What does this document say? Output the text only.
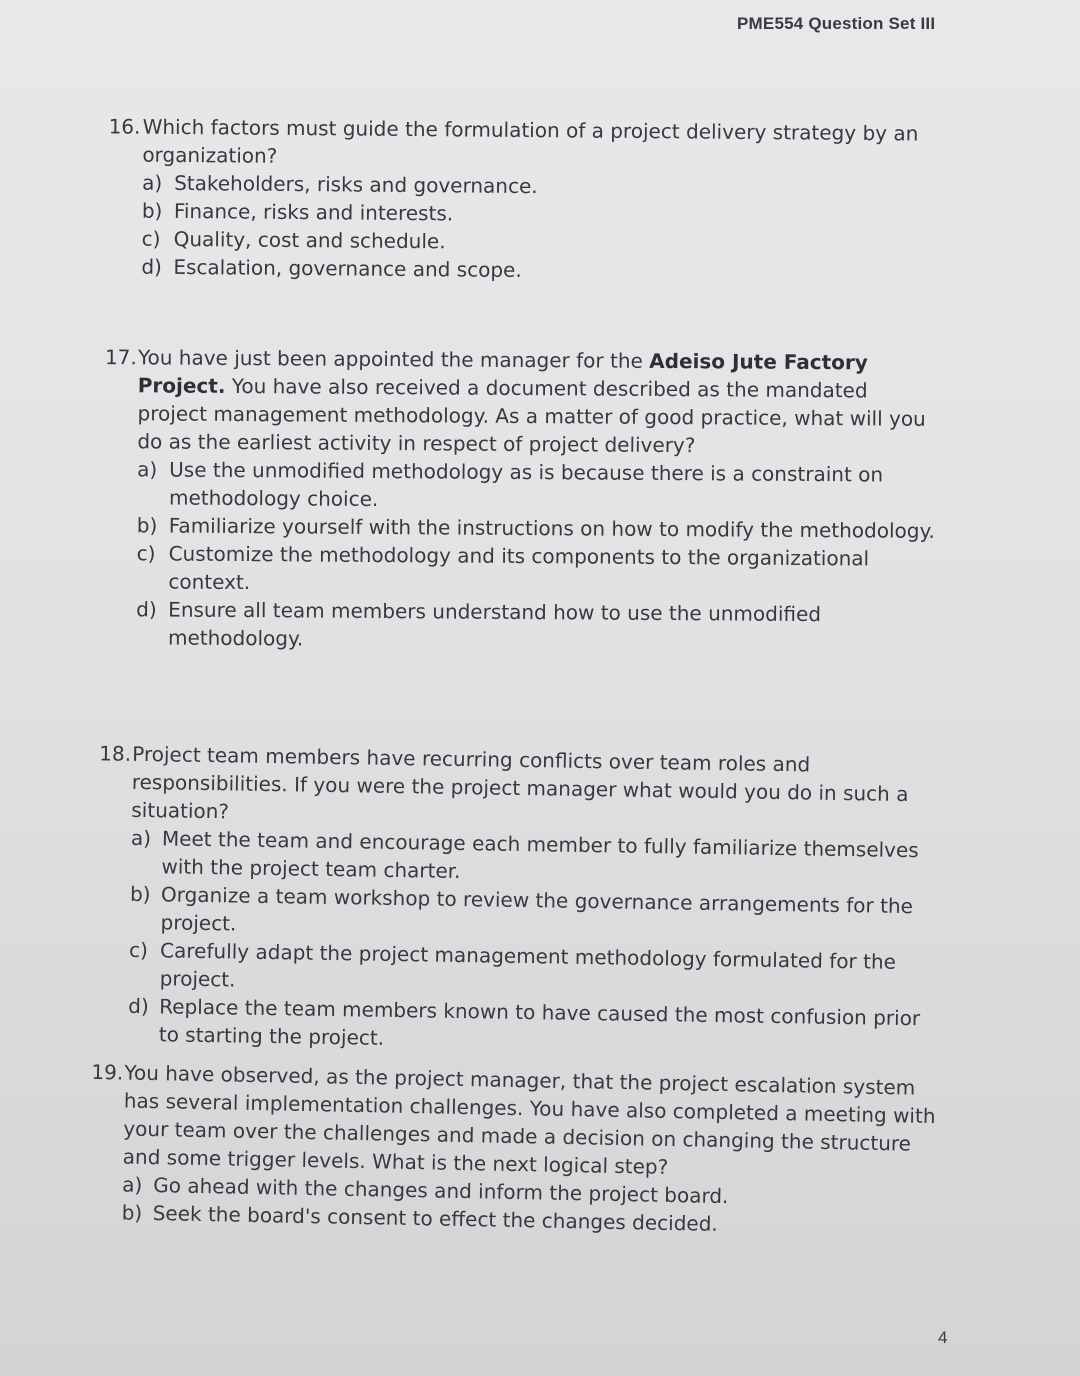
PME554 Question Set III
16. Which factors must guide the formulation of a project delivery strategy by an organization?
a) Stakeholders, risks and governance.
b) Finance, risks and interests.
c) Quality, cost and schedule.
d) Escalation, governance and scope.
17. You have just been appointed the manager for the Adeiso Jute Factory Project. You have also received a document described as the mandated project management methodology. As a matter of good practice, what will you do as the earliest activity in respect of project delivery?
a) Use the unmodified methodology as is because there is a constraint on methodology choice.
b) Familiarize yourself with the instructions on how to modify the methodology.
c) Customize the methodology and its components to the organizational context.
d) Ensure all team members understand how to use the unmodified methodology.
18. Project team members have recurring conflicts over team roles and responsibilities. If you were the project manager what would you do in such a situation?
a) Meet the team and encourage each member to fully familiarize themselves with the project team charter.
b) Organize a team workshop to review the governance arrangements for the project.
c) Carefully adapt the project management methodology formulated for the project.
d) Replace the team members known to have caused the most confusion prior to starting the project.
19. You have observed, as the project manager, that the project escalation system has several implementation challenges. You have also completed a meeting with your team over the challenges and made a decision on changing the structure and some trigger levels. What is the next logical step?
a) Go ahead with the changes and inform the project board.
b) Seek the board's consent to effect the changes decided.
4
